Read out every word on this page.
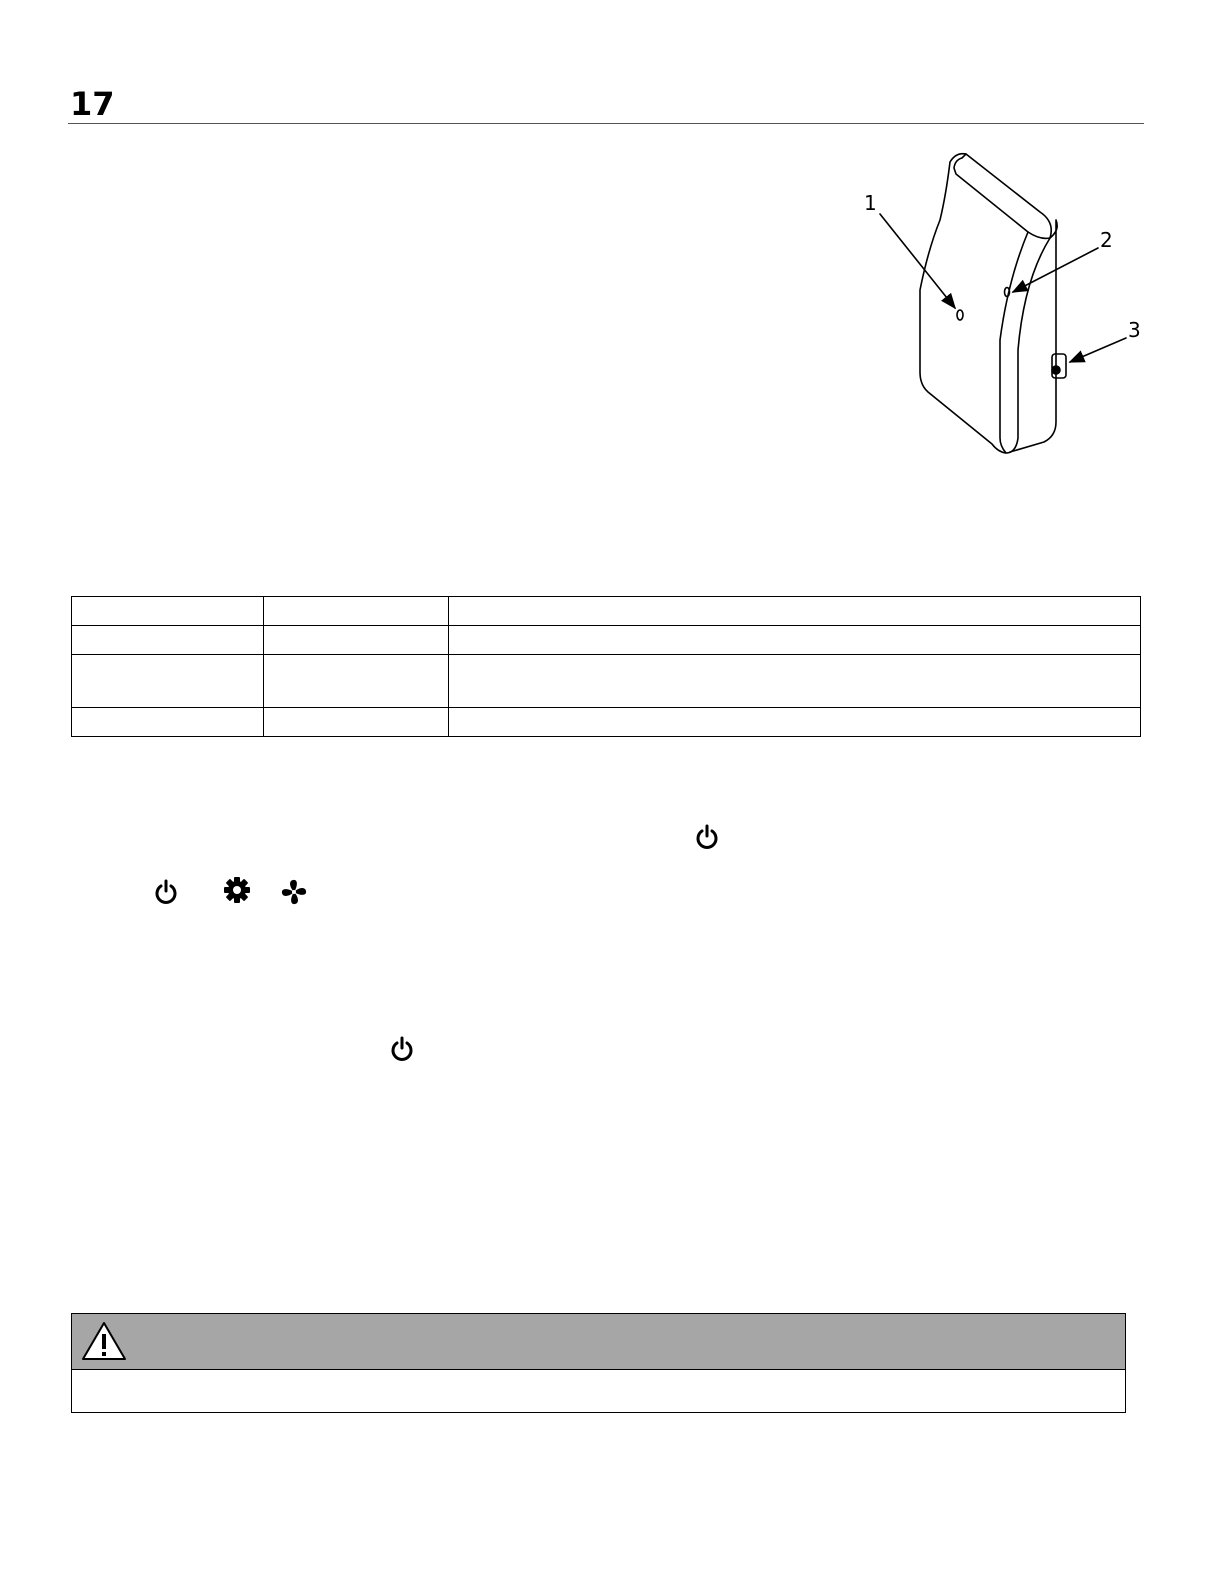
17
1
2
3
